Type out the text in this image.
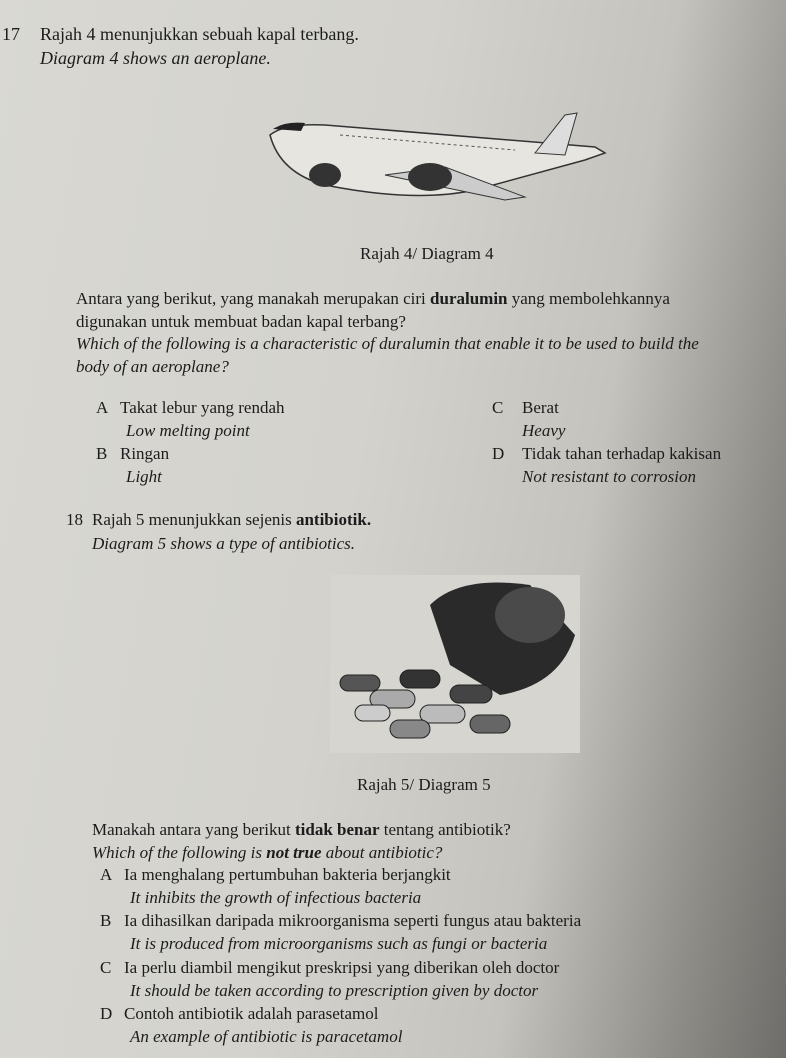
17 Rajah 4 menunjukkan sebuah kapal terbang.
Diagram 4 shows an aeroplane.
Rajah 4/ Diagram 4
Antara yang berikut, yang manakah merupakan ciri duralumin yang membolehkannya
digunakan untuk membuat badan kapal terbang?
Which of the following is a characteristic of duralumin that enable it to be used to build the
body of an aeroplane?
A Takat lebur yang rendah
Low melting point
B Ringan
Light
C Berat
Heavy
D Tidak tahan terhadap kakisan
Not resistant to corrosion
18 Rajah 5 menunjukkan sejenis antibiotik.
Diagram 5 shows a type of antibiotics.
Rajah 5/ Diagram 5
Manakah antara yang berikut tidak benar tentang antibiotik?
Which of the following is not true about antibiotic?
A Ia menghalang pertumbuhan bakteria berjangkit
It inhibits the growth of infectious bacteria
B Ia dihasilkan daripada mikroorganisma seperti fungus atau bakteria
It is produced from microorganisms such as fungi or bacteria
C Ia perlu diambil mengikut preskripsi yang diberikan oleh doctor
It should be taken according to prescription given by doctor
D Contoh antibiotik adalah parasetamol
An example of antibiotic is paracetamol
